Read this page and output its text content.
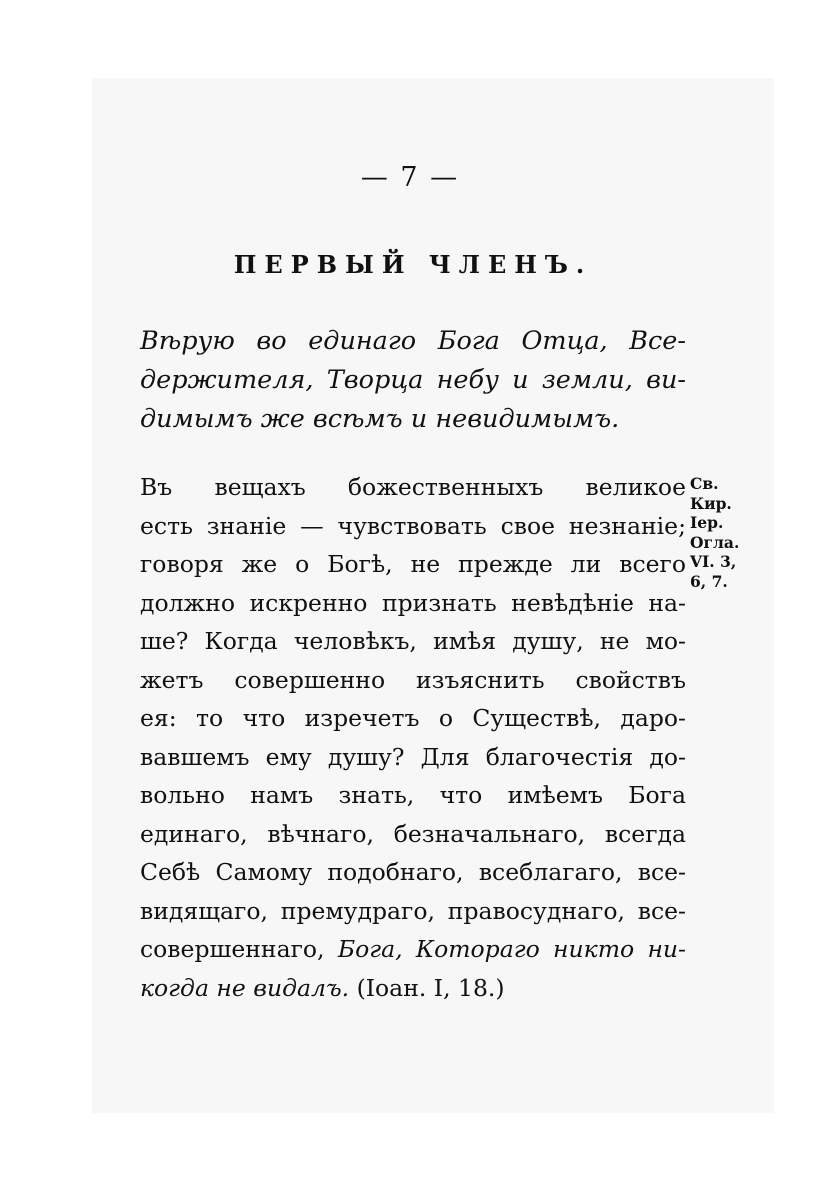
— 7 —
ПЕРВЫЙ ЧЛЕНЪ.
Вѣрую во единаго Бога Отца, Все-
держителя, Творца небу и земли, ви-
димымъ же всѣмъ и невидимымъ.
Въ вещахъ божественныхъ великое
есть знаніе — чувствовать свое незнаніе;
говоря же о Богѣ, не прежде ли всего
должно искренно признать невѣдѣніе на-
ше? Когда человѣкъ, имѣя душу, не мо-
жетъ совершенно изъяснить свойствъ
ея: то что изречетъ о Существѣ, даро-
вавшемъ ему душу? Для благочестія до-
вольно намъ знать, что имѣемъ Бога
единаго, вѣчнаго, безначальнаго, всегда
Себѣ Самому подобнаго, всеблагаго, все-
видящаго, премудраго, правосуднаго, все-
совершеннаго, Бога, Котораго никто ни-
когда не видалъ. (Іоан. I, 18.)
Св.
Кир.
Іер.
Огла.
VI. 3,
6, 7.
